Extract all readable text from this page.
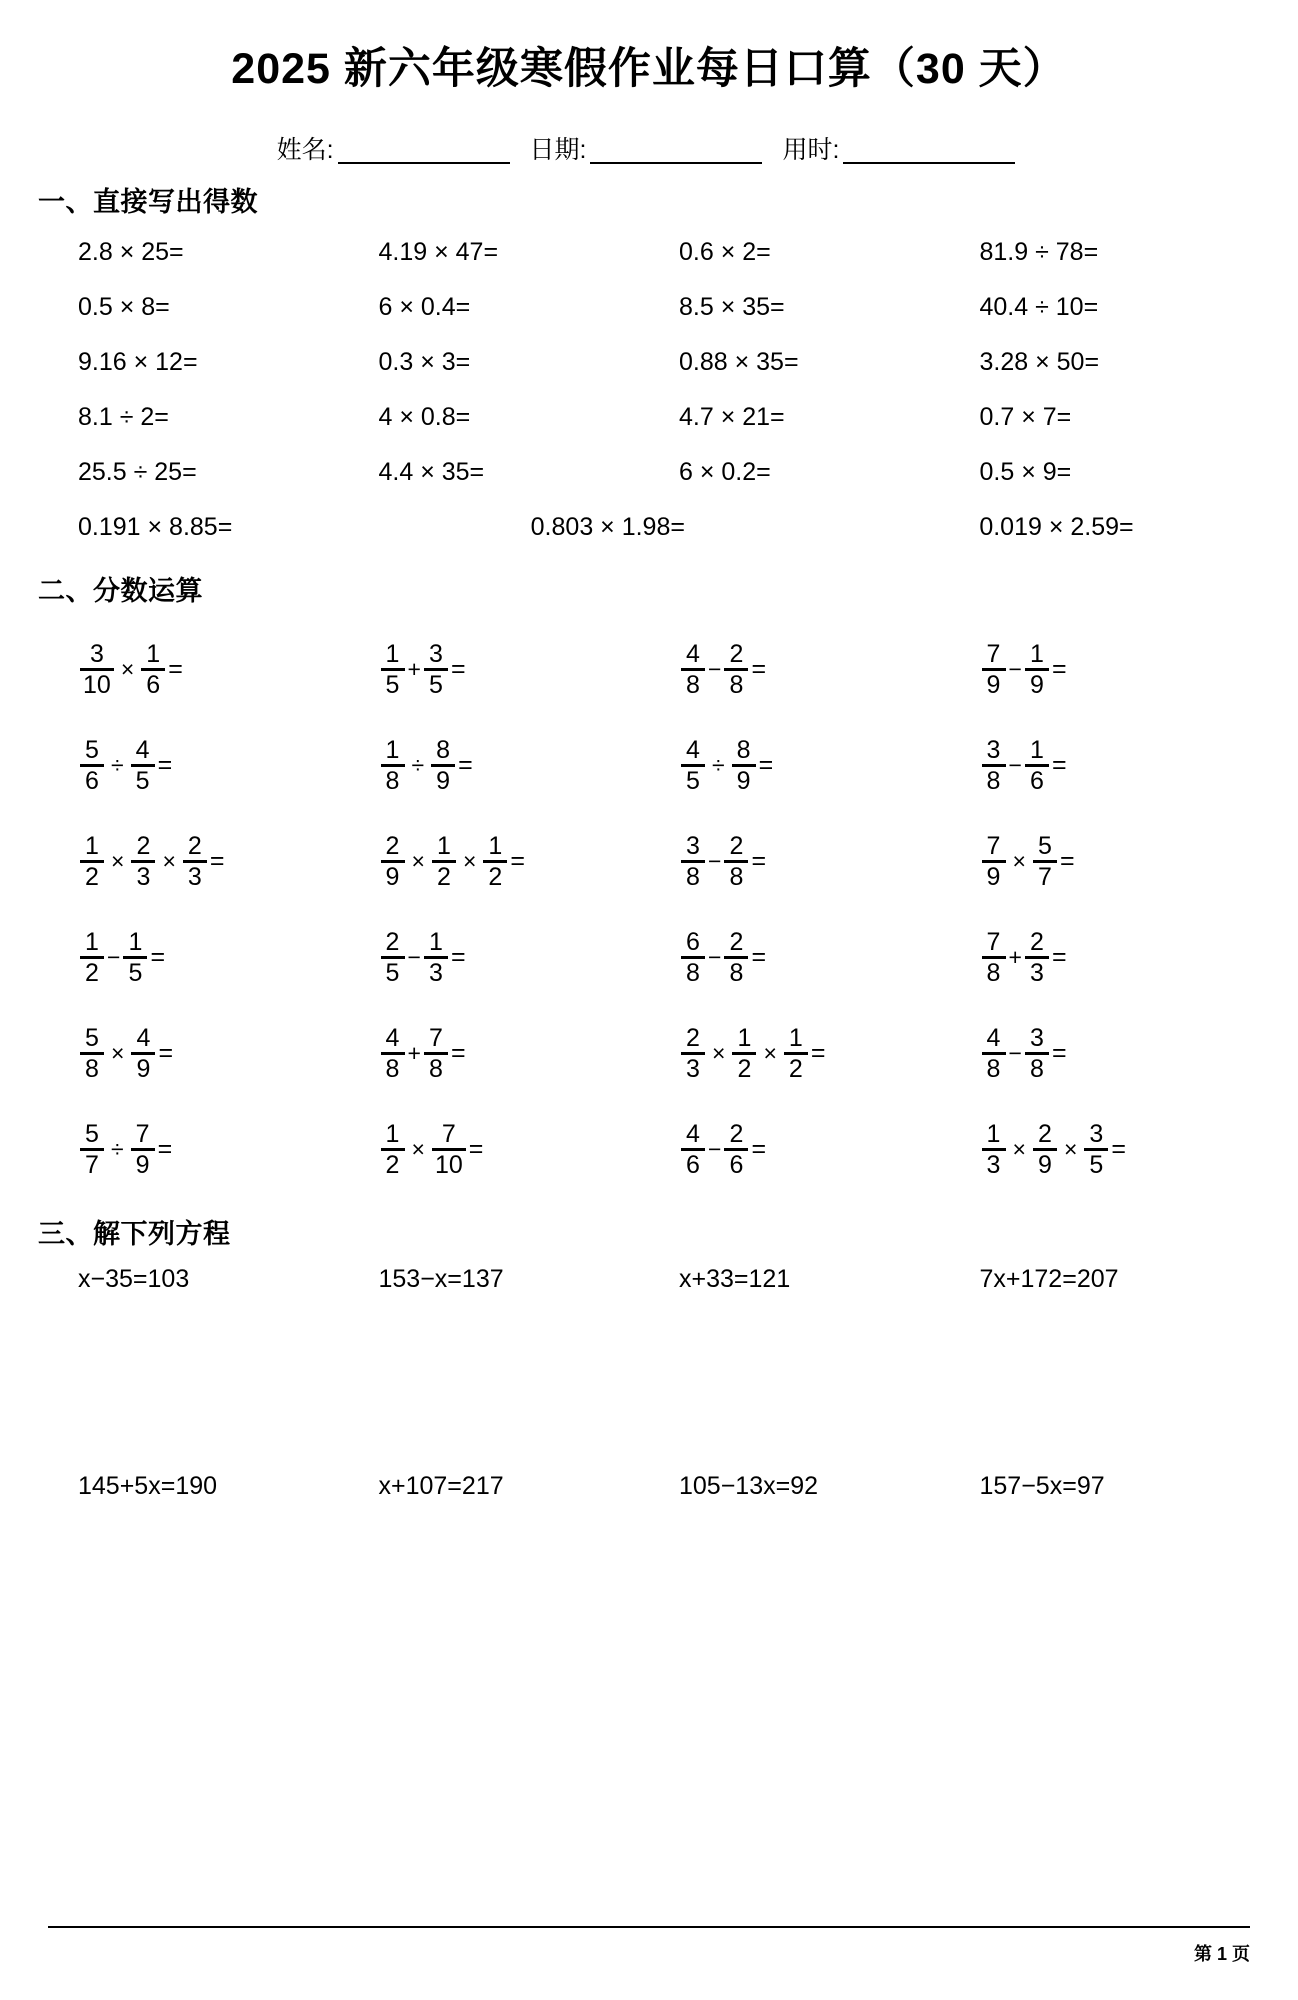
2025 新六年级寒假作业每日口算（30 天）
姓名:	日期:	用时:
一、直接写出得数
2.8 × 25=	4.19 × 47=	0.6 × 2=	81.9 ÷ 78=
0.5 × 8=	6 × 0.4=	8.5 × 35=	40.4 ÷ 10=
9.16 × 12=	0.3 × 3=	0.88 × 35=	3.28 × 50=
8.1 ÷ 2=	4 × 0.8=	4.7 × 21=	0.7 × 7=
25.5 ÷ 25=	4.4 × 35=	6 × 0.2=	0.5 × 9=
0.191 × 8.85=	0.803 × 1.98=	0.019 × 2.59=
二、分数运算
$\frac{3}{10} \times \frac{1}{6}$ =	$\frac{1}{5} + \frac{3}{5}$ =	$\frac{4}{8} - \frac{2}{8}$ =	$\frac{7}{9} - \frac{1}{9}$ =
$\frac{5}{6} \div \frac{4}{5}$ =	$\frac{1}{8} \div \frac{8}{9}$ =	$\frac{4}{5} \div \frac{8}{9}$ =	$\frac{3}{8} - \frac{1}{6}$ =
$\frac{1}{2} \times \frac{2}{3} \times \frac{2}{3}$ =	$\frac{2}{9} \times \frac{1}{2} \times \frac{1}{2}$ =	$\frac{3}{8} - \frac{2}{8}$ =	$\frac{7}{9} \times \frac{5}{7}$ =
$\frac{1}{2} - \frac{1}{5}$ =	$\frac{2}{5} - \frac{1}{3}$ =	$\frac{6}{8} - \frac{2}{8}$ =	$\frac{7}{8} + \frac{2}{3}$ =
$\frac{5}{8} \times \frac{4}{9}$ =	$\frac{4}{8} + \frac{7}{8}$ =	$\frac{2}{3} \times \frac{1}{2} \times \frac{1}{2}$ =	$\frac{4}{8} - \frac{3}{8}$ =
$\frac{5}{7} \div \frac{7}{9}$ =	$\frac{1}{2} \times \frac{7}{10}$ =	$\frac{4}{6} - \frac{2}{6}$ =	$\frac{1}{3} \times \frac{2}{9} \times \frac{3}{5}$ =
三、解下列方程
x−35=103	153−x=137	x+33=121	7x+172=207
145+5x=190	x+107=217	105−13x=92	157−5x=97
第 1 页
